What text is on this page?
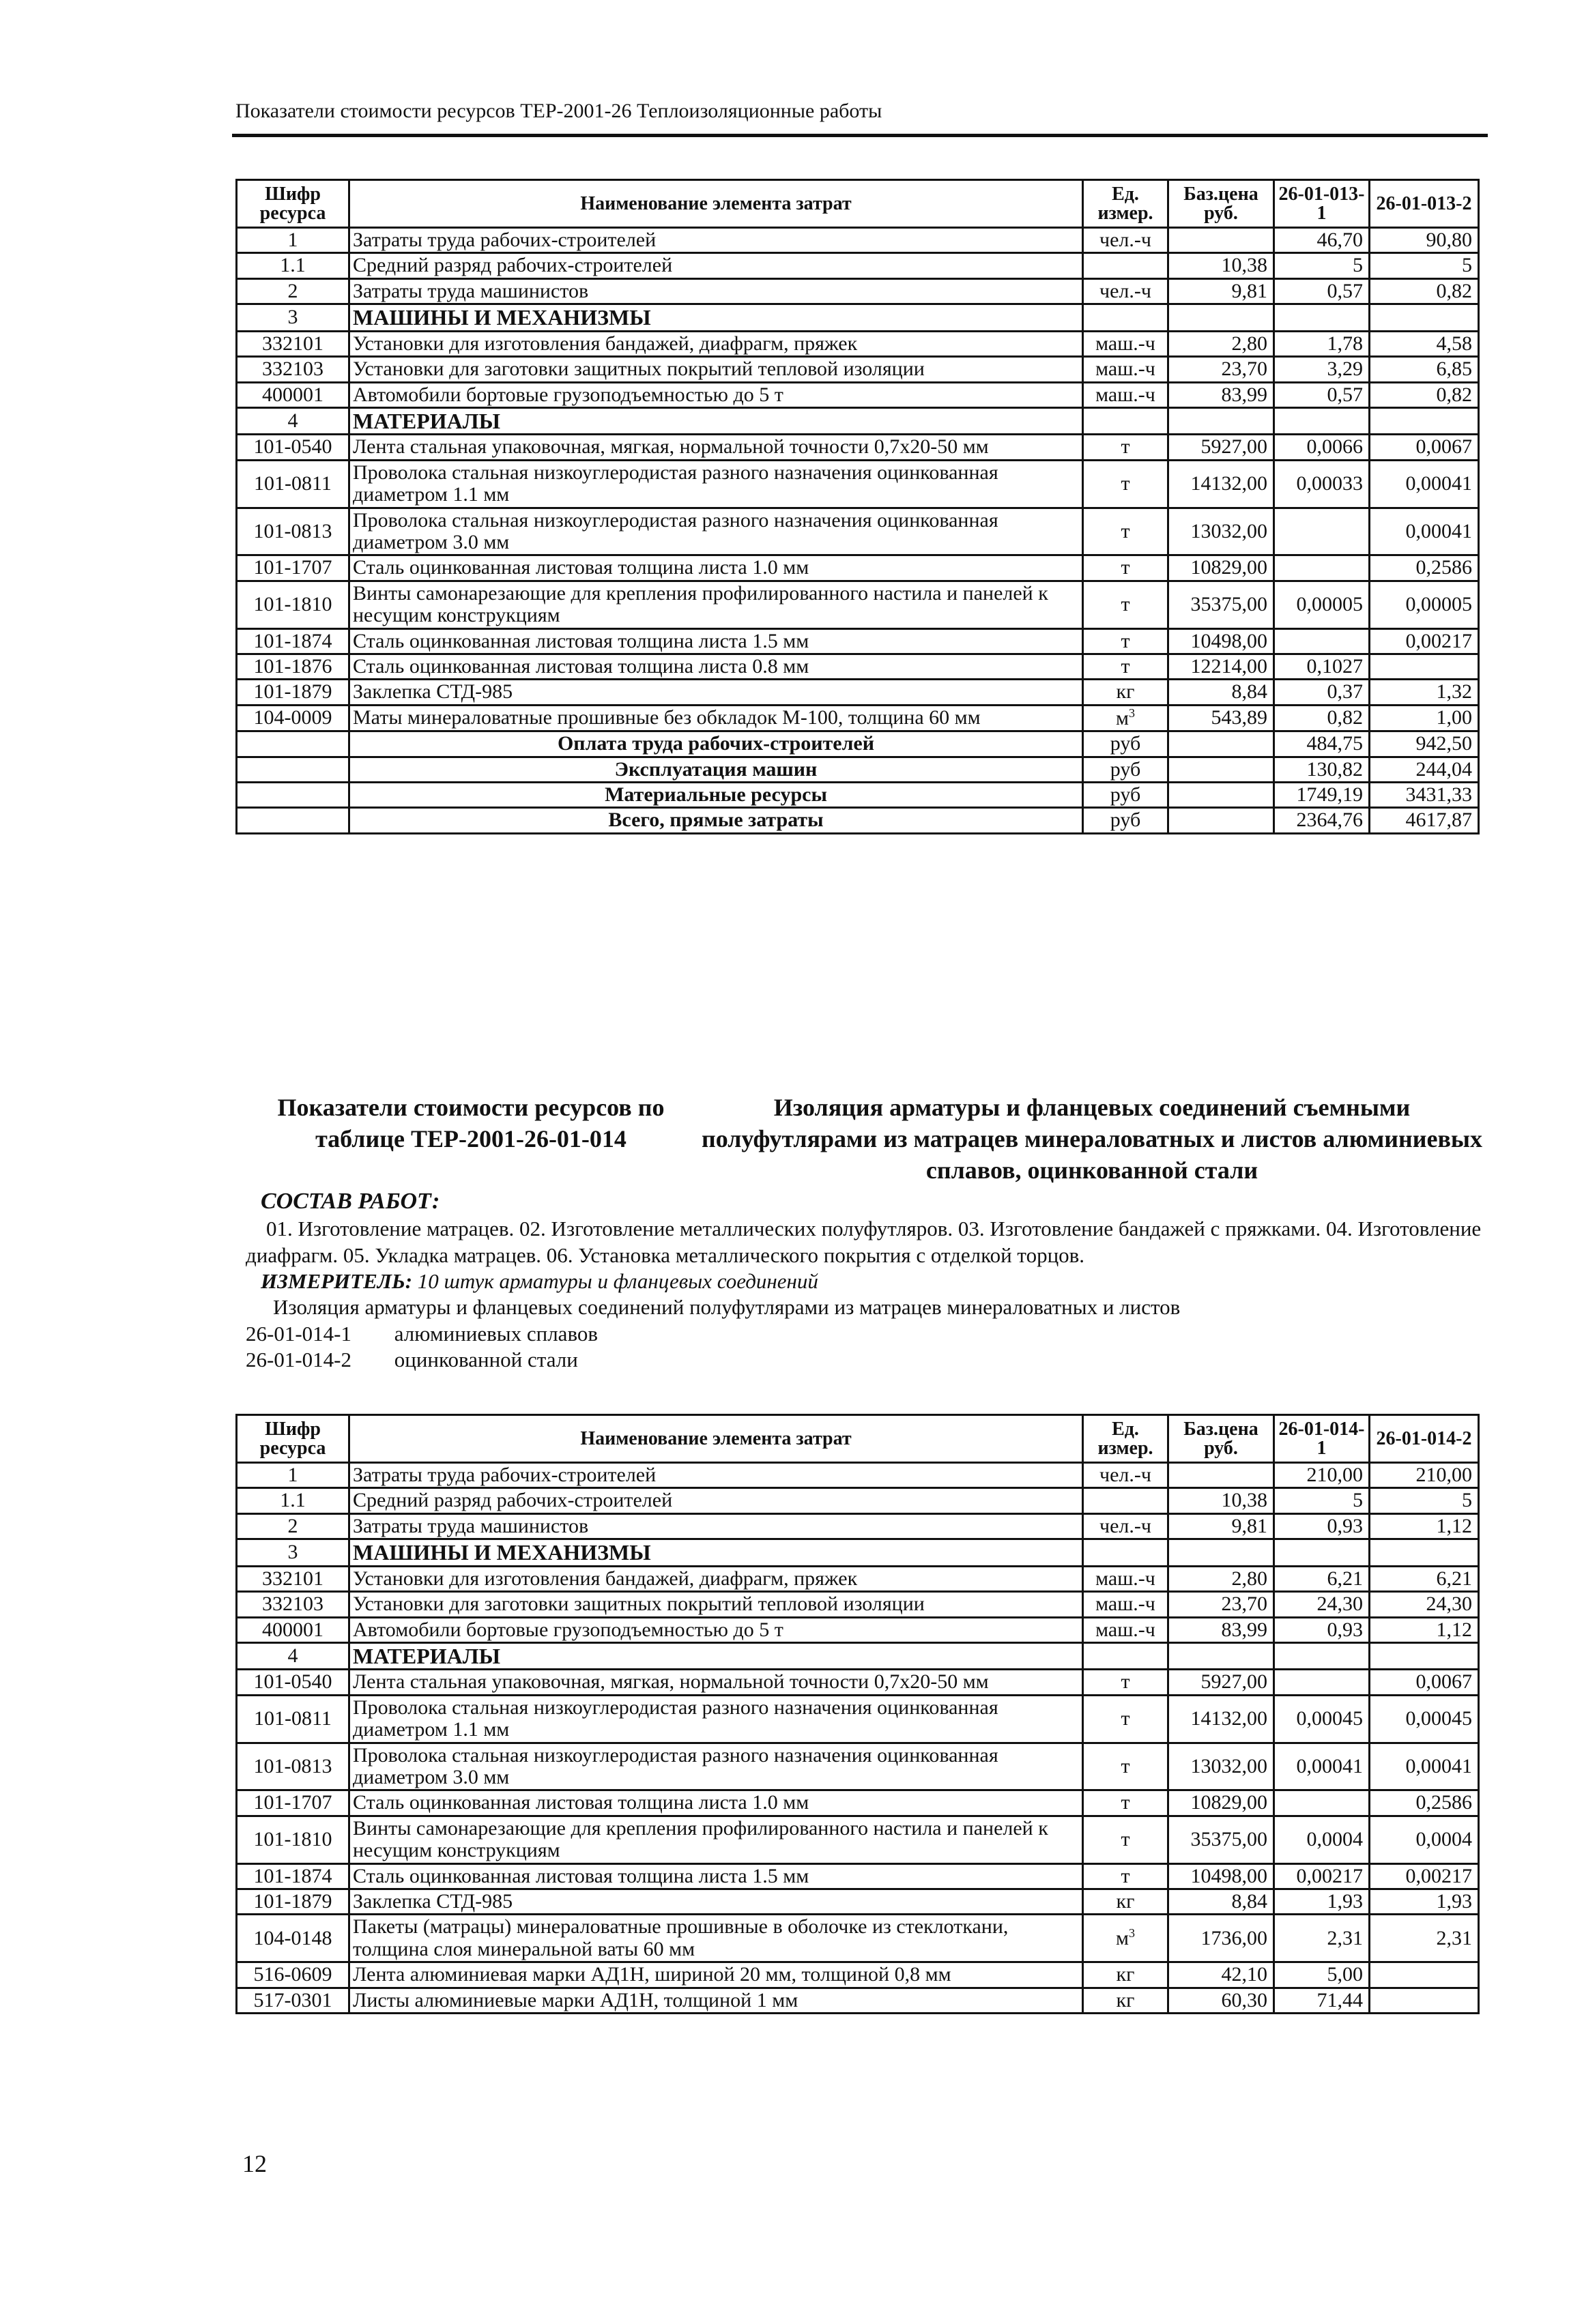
Показатели стоимости ресурсов ТЕР-2001-26 Теплоизоляционные работы
Шифр ресурса	Наименование элемента затрат	Ед. измер.	Баз.цена руб.	26-01-013-1	26-01-013-2
1	Затраты труда рабочих-строителей	чел.-ч		46,70	90,80
1.1	Средний разряд рабочих-строителей		10,38	5	5
2	Затраты труда машинистов	чел.-ч	9,81	0,57	0,82
3	МАШИНЫ И МЕХАНИЗМЫ				
332101	Установки для изготовления бандажей, диафрагм, пряжек	маш.-ч	2,80	1,78	4,58
332103	Установки для заготовки защитных покрытий тепловой изоляции	маш.-ч	23,70	3,29	6,85
400001	Автомобили бортовые грузоподъемностью до 5 т	маш.-ч	83,99	0,57	0,82
4	МАТЕРИАЛЫ				
101-0540	Лента стальная упаковочная, мягкая, нормальной точности 0,7х20-50 мм	т	5927,00	0,0066	0,0067
101-0811	Проволока стальная низкоуглеродистая разного назначения оцинкованная диаметром 1.1 мм	т	14132,00	0,00033	0,00041
101-0813	Проволока стальная низкоуглеродистая разного назначения оцинкованная диаметром 3.0 мм	т	13032,00		0,00041
101-1707	Сталь оцинкованная листовая толщина листа 1.0 мм	т	10829,00		0,2586
101-1810	Винты самонарезающие для крепления профилированного настила и панелей к несущим конструкциям	т	35375,00	0,00005	0,00005
101-1874	Сталь оцинкованная листовая толщина листа 1.5 мм	т	10498,00		0,00217
101-1876	Сталь оцинкованная листовая толщина листа 0.8 мм	т	12214,00	0,1027	
101-1879	Заклепка СТД-985	кг	8,84	0,37	1,32
104-0009	Маты минераловатные прошивные без обкладок М-100, толщина 60 мм	$м^3$	543,89	0,82	1,00
	Оплата труда рабочих-строителей	руб		484,75	942,50
	Эксплуатация машин	руб		130,82	244,04
	Материальные ресурсы	руб		1749,19	3431,33
	Всего, прямые затраты	руб		2364,76	4617,87
Показатели стоимости ресурсов по таблице ТЕР-2001-26-01-014
Изоляция арматуры и фланцевых соединений съемными полуфутлярами из матрацев минераловатных и листов алюминиевых сплавов, оцинкованной стали
СОСТАВ РАБОТ:

01. Изготовление матрацев. 02. Изготовление металлических полуфутляров. 03. Изготовление бандажей с пряжками. 04. Изготовление диафрагм. 05. Укладка матрацев. 06. Установка металлического покрытия с отделкой торцов.

ИЗМЕРИТЕЛЬ: 10 штук арматуры и фланцевых соединений
Изоляция арматуры и фланцевых соединений полуфутлярами из матрацев минераловатных и листов
26-01-014-1 алюминиевых сплавов
26-01-014-2 оцинкованной стали
Шифр ресурса	Наименование элемента затрат	Ед. измер.	Баз.цена руб.	26-01-014-1	26-01-014-2
1	Затраты труда рабочих-строителей	чел.-ч		210,00	210,00
1.1	Средний разряд рабочих-строителей		10,38	5	5
2	Затраты труда машинистов	чел.-ч	9,81	0,93	1,12
3	МАШИНЫ И МЕХАНИЗМЫ				
332101	Установки для изготовления бандажей, диафрагм, пряжек	маш.-ч	2,80	6,21	6,21
332103	Установки для заготовки защитных покрытий тепловой изоляции	маш.-ч	23,70	24,30	24,30
400001	Автомобили бортовые грузоподъемностью до 5 т	маш.-ч	83,99	0,93	1,12
4	МАТЕРИАЛЫ				
101-0540	Лента стальная упаковочная, мягкая, нормальной точности 0,7х20-50 мм	т	5927,00		0,0067
101-0811	Проволока стальная низкоуглеродистая разного назначения оцинкованная диаметром 1.1 мм	т	14132,00	0,00045	0,00045
101-0813	Проволока стальная низкоуглеродистая разного назначения оцинкованная диаметром 3.0 мм	т	13032,00	0,00041	0,00041
101-1707	Сталь оцинкованная листовая толщина листа 1.0 мм	т	10829,00		0,2586
101-1810	Винты самонарезающие для крепления профилированного настила и панелей к несущим конструкциям	т	35375,00	0,0004	0,0004
101-1874	Сталь оцинкованная листовая толщина листа 1.5 мм	т	10498,00	0,00217	0,00217
101-1879	Заклепка СТД-985	кг	8,84	1,93	1,93
104-0148	Пакеты (матрацы) минераловатные прошивные в оболочке из стеклоткани, толщина слоя минеральной ваты 60 мм	$м^3$	1736,00	2,31	2,31
516-0609	Лента алюминиевая марки АД1Н, шириной 20 мм, толщиной 0,8 мм	кг	42,10	5,00	
517-0301	Листы алюминиевые марки АД1Н, толщиной 1 мм	кг	60,30	71,44	
12
